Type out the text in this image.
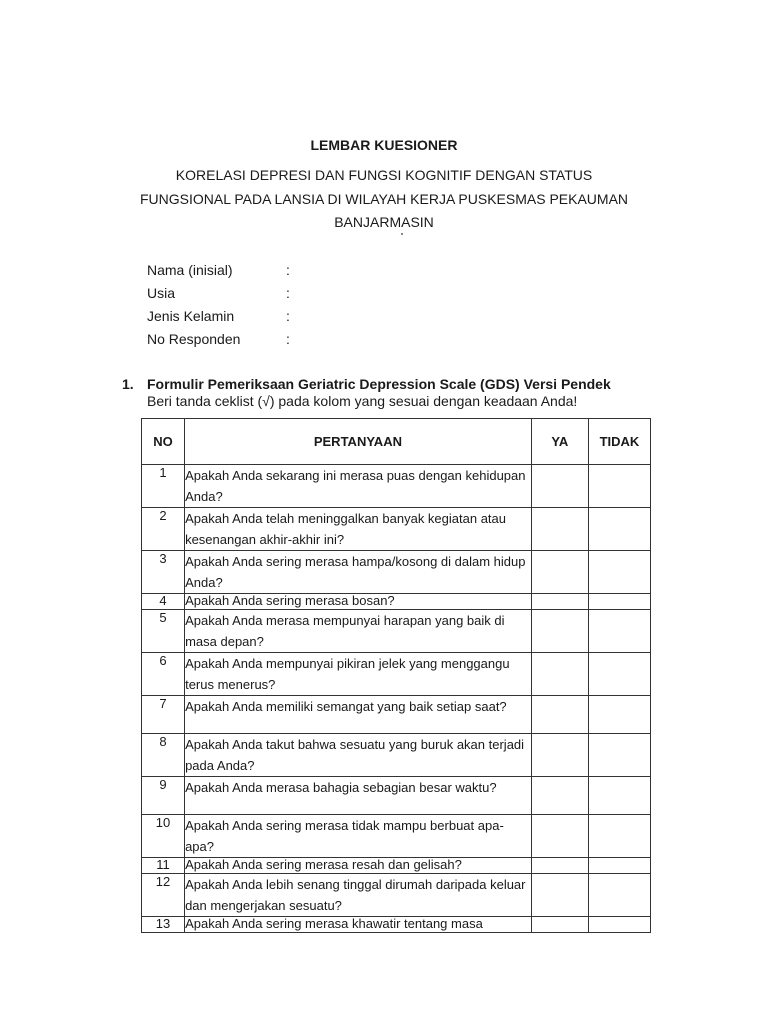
LEMBAR KUESIONER
KORELASI DEPRESI DAN FUNGSI KOGNITIF DENGAN STATUS
FUNGSIONAL PADA LANSIA DI WILAYAH KERJA PUSKESMAS PEKAUMAN
BANJARMASIN
Nama (inisial)	:
Usia	:
Jenis Kelamin	:
No Responden	:
1. Formulir Pemeriksaan Geriatric Depression Scale (GDS) Versi Pendek
Beri tanda ceklist (√) pada kolom yang sesuai dengan keadaan Anda!
NO	PERTANYAAN	YA	TIDAK
1	Apakah Anda sekarang ini merasa puas dengan kehidupan Anda?		
2	Apakah Anda telah meninggalkan banyak kegiatan atau kesenangan akhir-akhir ini?		
3	Apakah Anda sering merasa hampa/kosong di dalam hidup Anda?		
4	Apakah Anda sering merasa bosan?		
5	Apakah Anda merasa mempunyai harapan yang baik di masa depan?		
6	Apakah Anda mempunyai pikiran jelek yang menggangu terus menerus?		
7	Apakah Anda memiliki semangat yang baik setiap saat?		
8	Apakah Anda takut bahwa sesuatu yang buruk akan terjadi pada Anda?		
9	Apakah Anda merasa bahagia sebagian besar waktu?		
10	Apakah Anda sering merasa tidak mampu berbuat apa-apa?		
11	Apakah Anda sering merasa resah dan gelisah?		
12	Apakah Anda lebih senang tinggal dirumah daripada keluar dan mengerjakan sesuatu?		
13	Apakah Anda sering merasa khawatir tentang masa		
